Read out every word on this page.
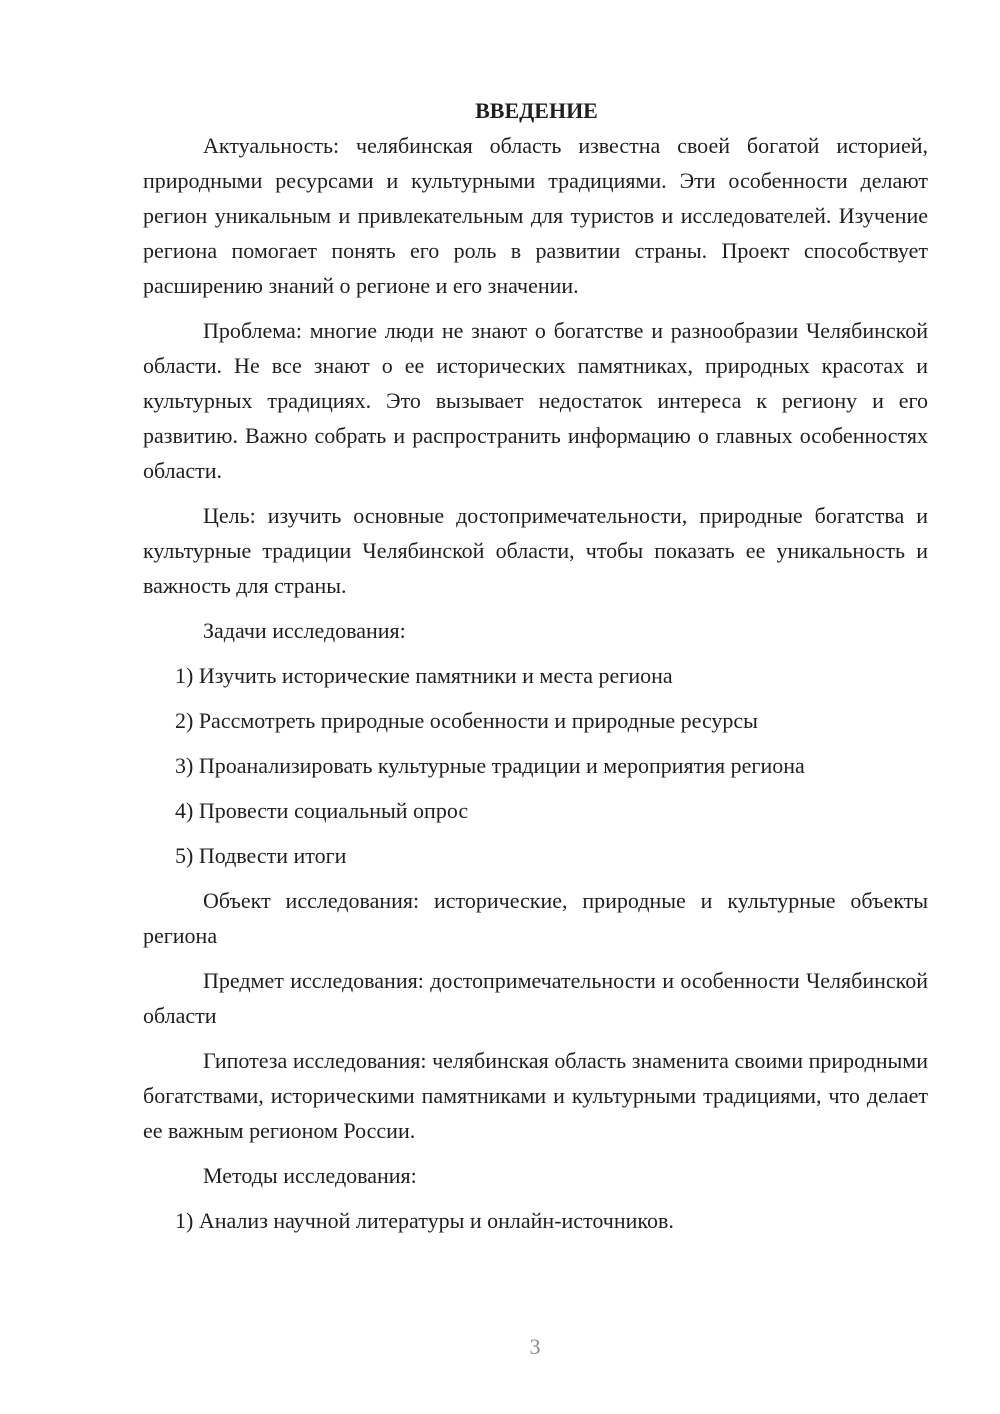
ВВЕДЕНИЕ

Актуальность: челябинская область известна своей богатой историей, природными ресурсами и культурными традициями. Эти особенности делают регион уникальным и привлекательным для туристов и исследователей. Изучение региона помогает понять его роль в развитии страны. Проект способствует расширению знаний о регионе и его значении.

Проблема: многие люди не знают о богатстве и разнообразии Челябинской области. Не все знают о ее исторических памятниках, природных красотах и культурных традициях. Это вызывает недостаток интереса к региону и его развитию. Важно собрать и распространить информацию о главных особенностях области.

Цель: изучить основные достопримечательности, природные богатства и культурные традиции Челябинской области, чтобы показать ее уникальность и важность для страны.

Задачи исследования:

1) Изучить исторические памятники и места региона
2) Рассмотреть природные особенности и природные ресурсы
3) Проанализировать культурные традиции и мероприятия региона
4) Провести социальный опрос
5) Подвести итоги

Объект исследования: исторические, природные и культурные объекты региона

Предмет исследования: достопримечательности и особенности Челябинской области

Гипотеза исследования: челябинская область знаменита своими природными богатствами, историческими памятниками и культурными традициями, что делает ее важным регионом России.

Методы исследования:

1) Анализ научной литературы и онлайн-источников.
3
